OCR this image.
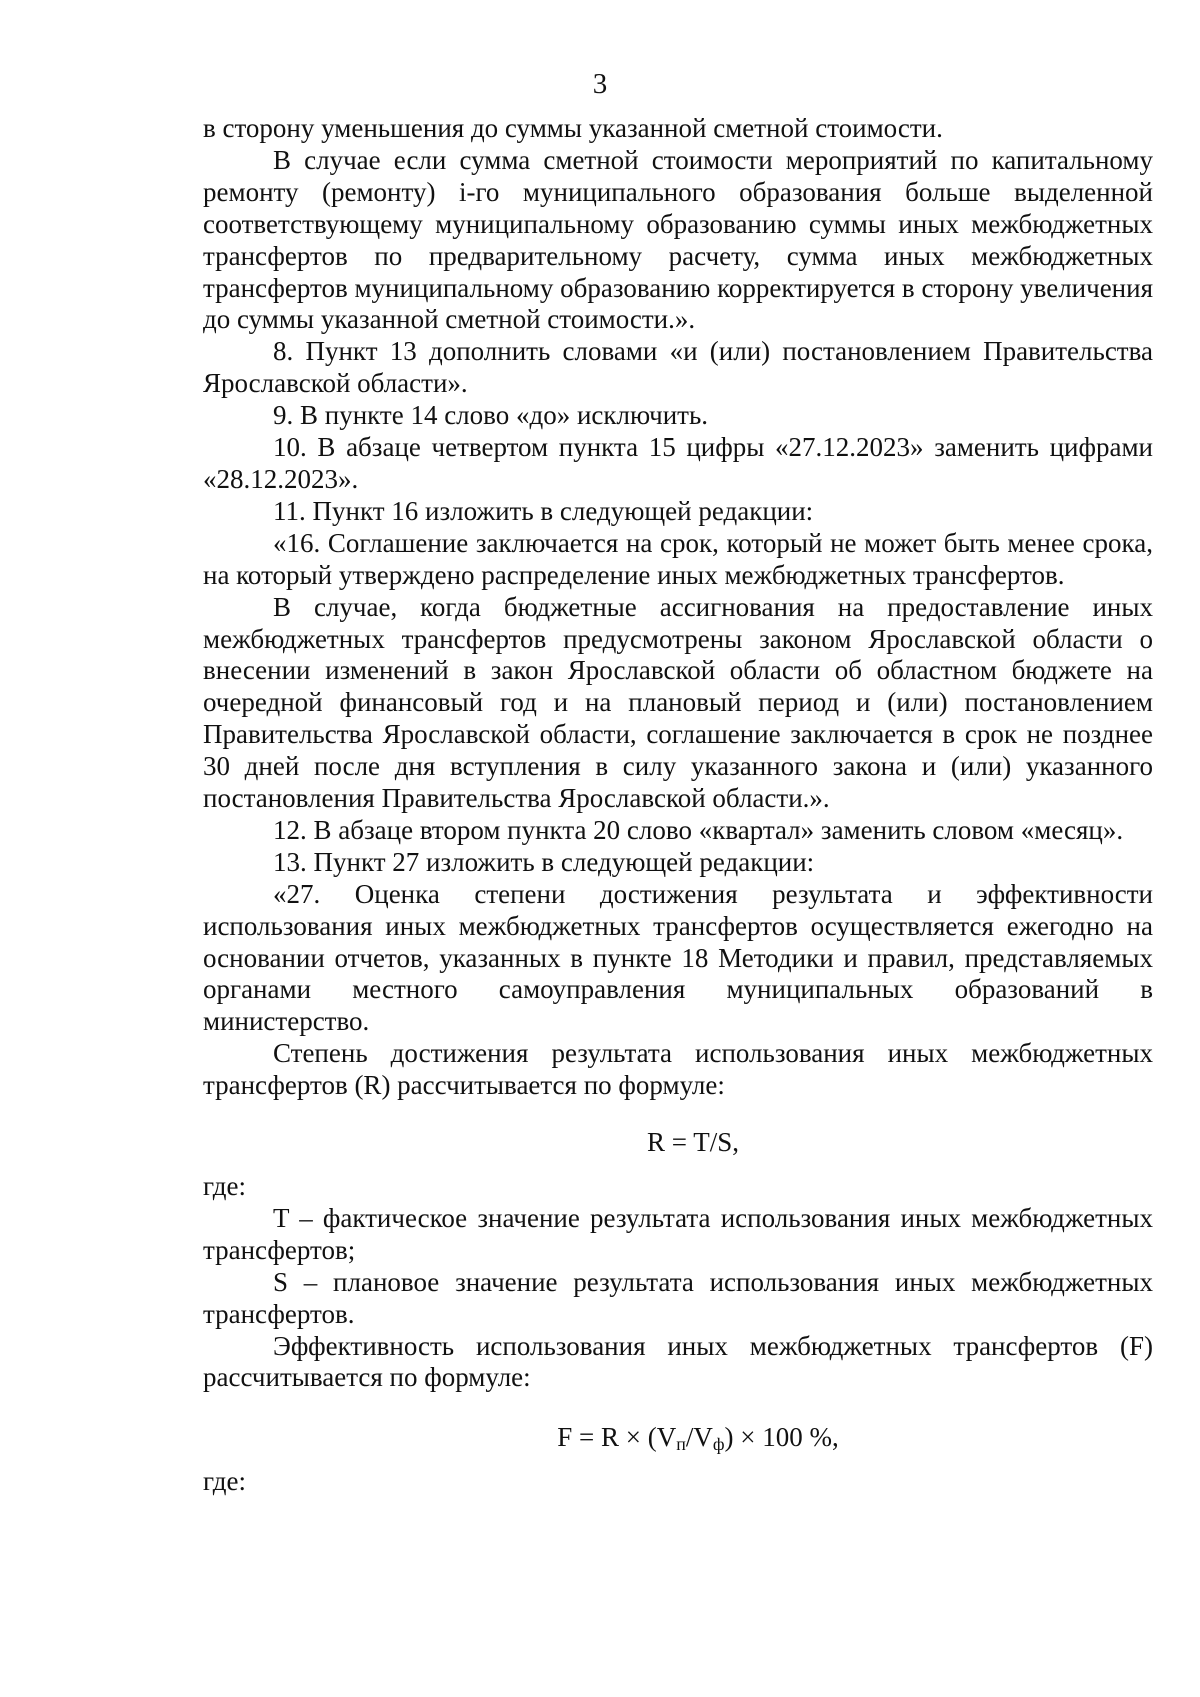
3

в сторону уменьшения до суммы указанной сметной стоимости.

В случае если сумма сметной стоимости мероприятий по капитальному ремонту (ремонту) i-го муниципального образования больше выделенной соответствующему муниципальному образованию суммы иных межбюджетных трансфертов по предварительному расчету, сумма иных межбюджетных трансфертов муниципальному образованию корректируется в сторону увеличения до суммы указанной сметной стоимости.».

8. Пункт 13 дополнить словами «и (или) постановлением Правительства Ярославской области».

9. В пункте 14 слово «до» исключить.

10. В абзаце четвертом пункта 15 цифры «27.12.2023» заменить цифрами «28.12.2023».

11. Пункт 16 изложить в следующей редакции:

«16. Соглашение заключается на срок, который не может быть менее срока, на который утверждено распределение иных межбюджетных трансфертов.

В случае, когда бюджетные ассигнования на предоставление иных межбюджетных трансфертов предусмотрены законом Ярославской области о внесении изменений в закон Ярославской области об областном бюджете на очередной финансовый год и на плановый период и (или) постановлением Правительства Ярославской области, соглашение заключается в срок не позднее 30 дней после дня вступления в силу указанного закона и (или) указанного постановления Правительства Ярославской области.».

12. В абзаце втором пункта 20 слово «квартал» заменить словом «месяц».

13. Пункт 27 изложить в следующей редакции:

«27. Оценка степени достижения результата и эффективности использования иных межбюджетных трансфертов осуществляется ежегодно на основании отчетов, указанных в пункте 18 Методики и правил, представляемых органами местного самоуправления муниципальных образований в министерство.

Степень достижения результата использования иных межбюджетных трансфертов (R) рассчитывается по формуле:

R = T/S,

где:

T – фактическое значение результата использования иных межбюджетных трансфертов;

S – плановое значение результата использования иных межбюджетных трансфертов.

Эффективность использования иных межбюджетных трансфертов (F) рассчитывается по формуле:

$F = R \times (V_п/V_ф) \times 100$ %,

где:
